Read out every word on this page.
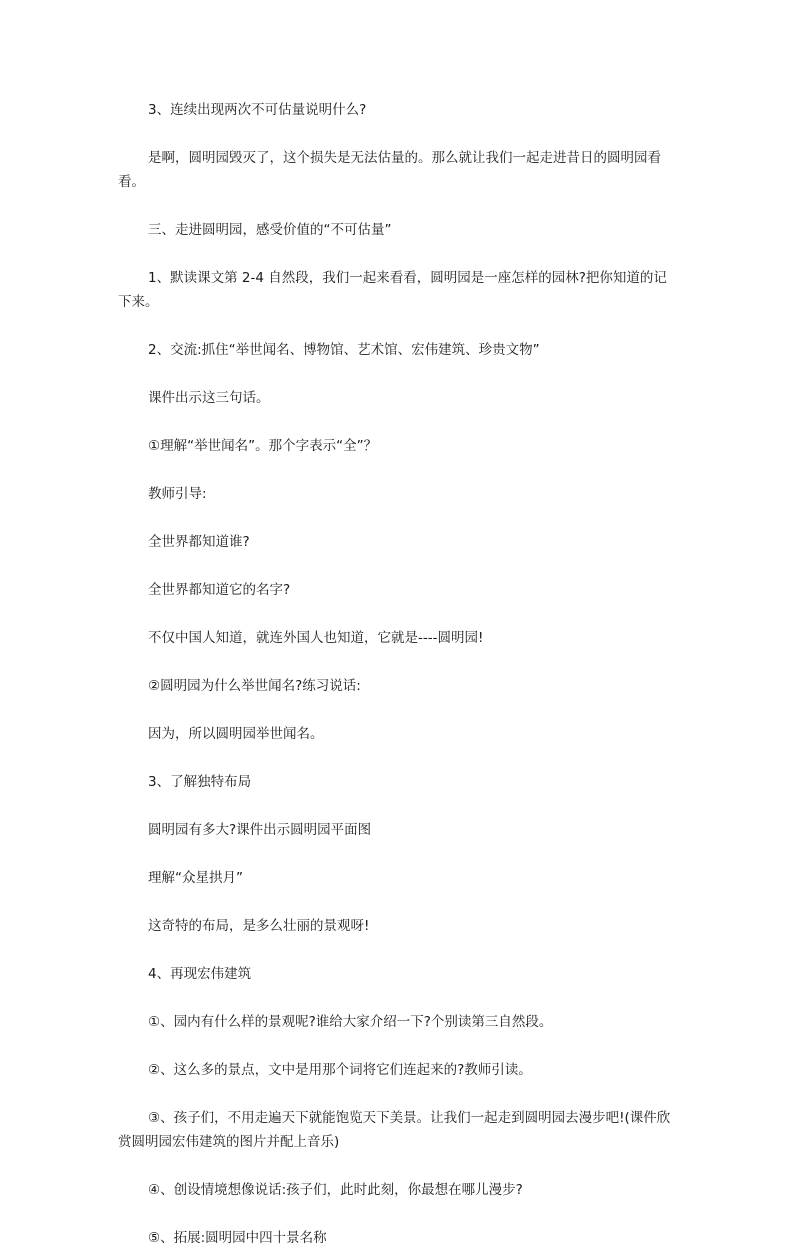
3、连续出现两次不可估量说明什么?

是啊，圆明园毁灭了，这个损失是无法估量的。那么就让我们一起走进昔日的圆明园看看。

三、走进圆明园，感受价值的“不可估量”

1、默读课文第 2-4 自然段，我们一起来看看，圆明园是一座怎样的园林?把你知道的记下来。

2、交流:抓住“举世闻名、博物馆、艺术馆、宏伟建筑、珍贵文物”

课件出示这三句话。

①理解“举世闻名”。那个字表示“全”？

教师引导:

全世界都知道谁?

全世界都知道它的名字?

不仅中国人知道，就连外国人也知道，它就是----圆明园!

②圆明园为什么举世闻名?练习说话:

因为，所以圆明园举世闻名。

3、了解独特布局

圆明园有多大?课件出示圆明园平面图

理解“众星拱月”

这奇特的布局，是多么壮丽的景观呀!

4、再现宏伟建筑

①、园内有什么样的景观呢?谁给大家介绍一下?个别读第三自然段。

②、这么多的景点，文中是用那个词将它们连起来的?教师引读。

③、孩子们，不用走遍天下就能饱览天下美景。让我们一起走到圆明园去漫步吧!(课件欣赏圆明园宏伟建筑的图片并配上音乐)

④、创设情境想像说话:孩子们，此时此刻，你最想在哪儿漫步?

⑤、拓展:圆明园中四十景名称
